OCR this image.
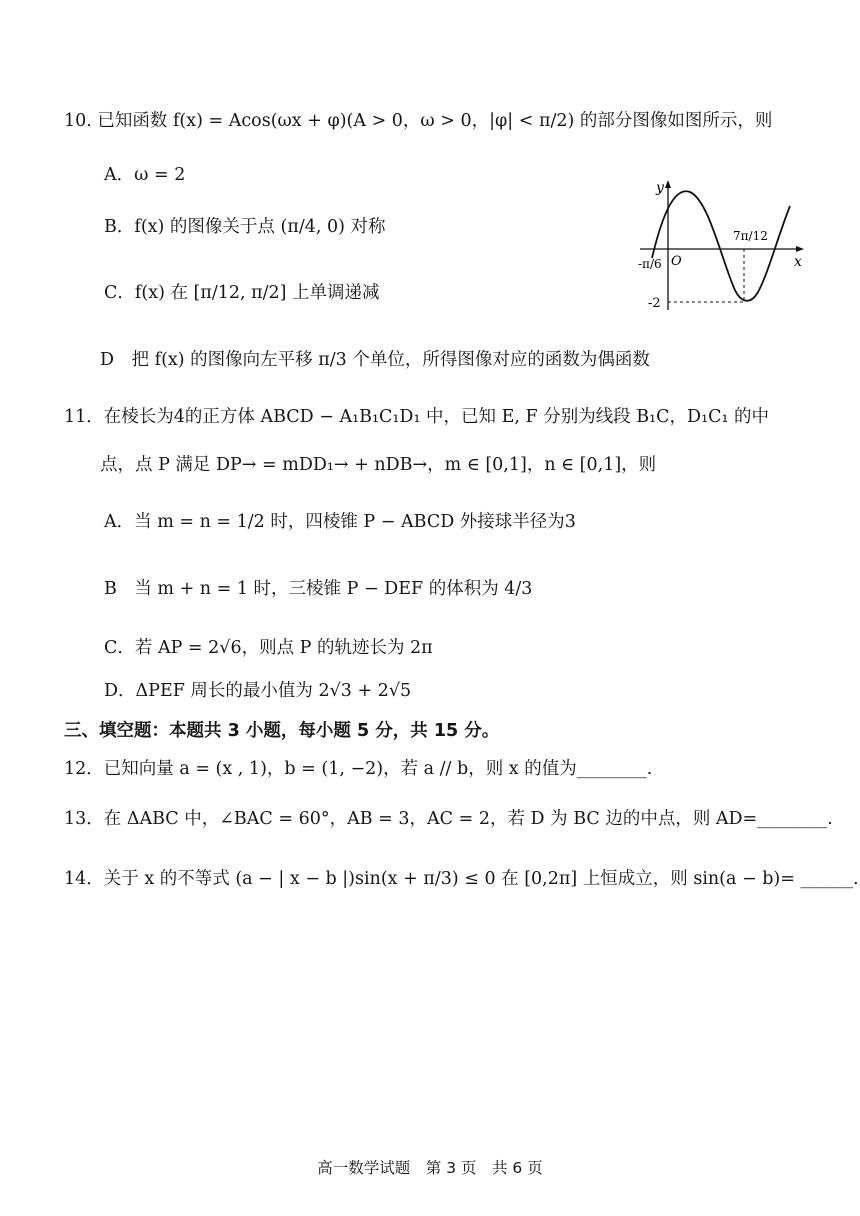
10. 已知函数 f(x) = Acos(ωx + φ)(A > 0，ω > 0，|φ| < π/2) 的部分图像如图所示，则
A．ω = 2
B．f(x) 的图像关于点 (π/4, 0) 对称
C．f(x) 在 [π/12, π/2] 上单调递减
D　把 f(x) 的图像向左平移 π/3 个单位，所得图像对应的函数为偶函数
y
x
O
-π/6
7π/12
-2
11．在棱长为4的正方体 ABCD − A₁B₁C₁D₁ 中，已知 E, F 分别为线段 B₁C，D₁C₁ 的中
点，点 P 满足 DP→ = mDD₁→ + nDB→，m ∈ [0,1]，n ∈ [0,1]，则
A．当 m = n = 1/2 时，四棱锥 P − ABCD 外接球半径为3
B　当 m + n = 1 时，三棱锥 P − DEF 的体积为 4/3
C．若 AP = 2√6，则点 P 的轨迹长为 2π
D．ΔPEF 周长的最小值为 2√3 + 2√5
三、填空题：本题共 3 小题，每小题 5 分，共 15 分。
12．已知向量 a = (x , 1)，b = (1, −2)，若 a // b，则 x 的值为________.
13．在 ΔABC 中，∠BAC = 60°，AB = 3，AC = 2，若 D 为 BC 边的中点，则 AD=________.
14．关于 x 的不等式 (a − | x − b |)sin(x + π/3) ≤ 0 在 [0,2π] 上恒成立，则 sin(a − b)= ______.
高一数学试题　第 3 页　共 6 页
